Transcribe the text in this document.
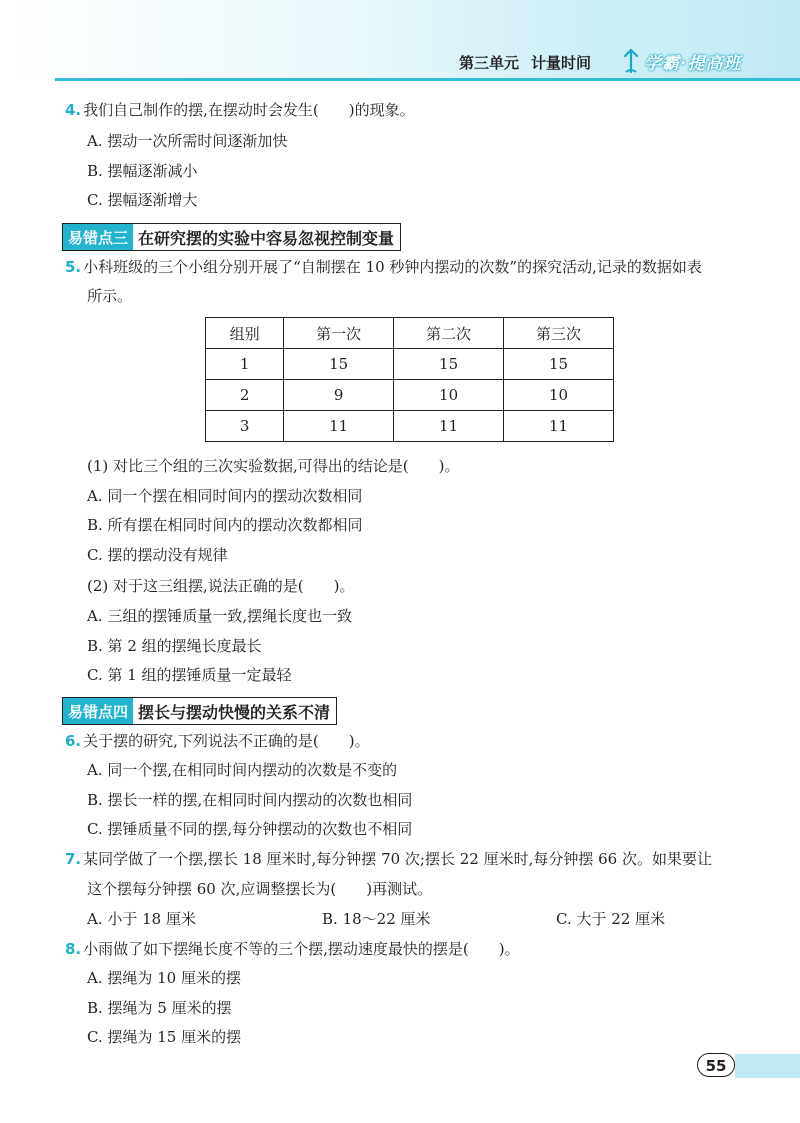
第三单元 计量时间	学霸·提高班
4. 我们自己制作的摆,在摆动时会发生(　　)的现象。
A. 摆动一次所需时间逐渐加快
B. 摆幅逐渐减小
C. 摆幅逐渐增大
易错点三 在研究摆的实验中容易忽视控制变量
5. 小科班级的三个小组分别开展了“自制摆在 10 秒钟内摆动的次数”的探究活动,记录的数据如表
所示。
组别	第一次	第二次	第三次
1	15	15	15
2	9	10	10
3	11	11	11
(1) 对比三个组的三次实验数据,可得出的结论是(　　)。
A. 同一个摆在相同时间内的摆动次数相同
B. 所有摆在相同时间内的摆动次数都相同
C. 摆的摆动没有规律
(2) 对于这三组摆,说法正确的是(　　)。
A. 三组的摆锤质量一致,摆绳长度也一致
B. 第 2 组的摆绳长度最长
C. 第 1 组的摆锤质量一定最轻
易错点四 摆长与摆动快慢的关系不清
6. 关于摆的研究,下列说法不正确的是(　　)。
A. 同一个摆,在相同时间内摆动的次数是不变的
B. 摆长一样的摆,在相同时间内摆动的次数也相同
C. 摆锤质量不同的摆,每分钟摆动的次数也不相同
7. 某同学做了一个摆,摆长 18 厘米时,每分钟摆 70 次;摆长 22 厘米时,每分钟摆 66 次。如果要让
这个摆每分钟摆 60 次,应调整摆长为(　　)再测试。
A. 小于 18 厘米	B. 18～22 厘米	C. 大于 22 厘米
8. 小雨做了如下摆绳长度不等的三个摆,摆动速度最快的摆是(　　)。
A. 摆绳为 10 厘米的摆
B. 摆绳为 5 厘米的摆
C. 摆绳为 15 厘米的摆
55
